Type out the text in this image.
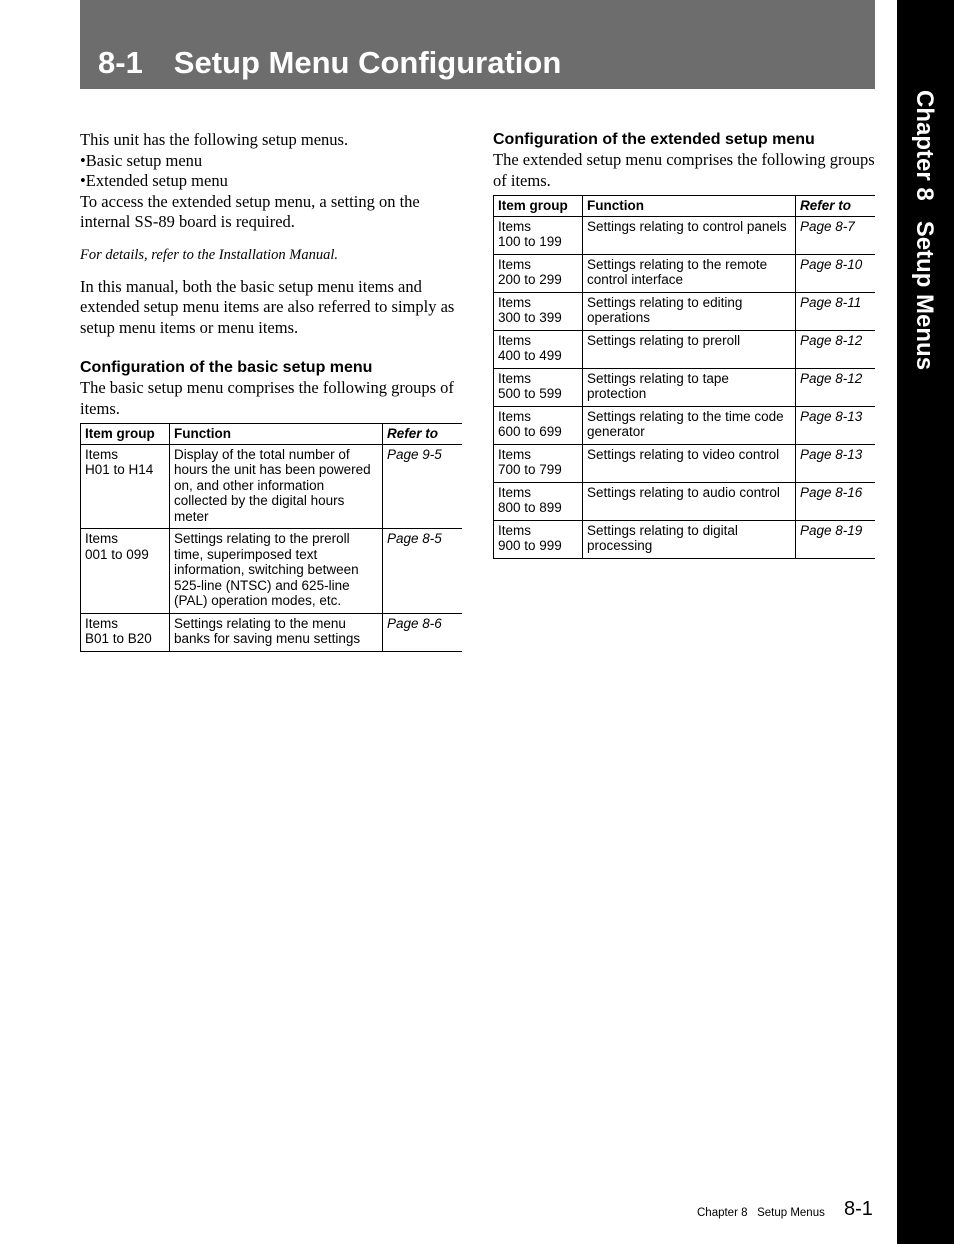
8-1 Setup Menu Configuration
Chapter 8   Setup Menus

This unit has the following setup menus.

•Basic setup menu
•Extended setup menu

To access the extended setup menu, a setting on the internal SS-89 board is required.

For details, refer to the Installation Manual.

In this manual, both the basic setup menu items and extended setup menu items are also referred to simply as setup menu items or menu items.

Configuration of the basic setup menu

The basic setup menu comprises the following groups of items.

Item group	Function	Refer to
Items
H01 to H14	Display of the total number of hours the unit has been powered on, and other information collected by the digital hours meter	Page 9-5
Items
001 to 099	Settings relating to the preroll time, superimposed text information, switching between 525-line (NTSC) and 625-line (PAL) operation modes, etc.	Page 8-5
Items
B01 to B20	Settings relating to the menu banks for saving menu settings	Page 8-6
Configuration of the extended setup menu

The extended setup menu comprises the following groups of items.

Item group	Function	Refer to
Items
100 to 199	Settings relating to control panels	Page 8-7
Items
200 to 299	Settings relating to the remote control interface	Page 8-10
Items
300 to 399	Settings relating to editing operations	Page 8-11
Items
400 to 499	Settings relating to preroll	Page 8-12
Items
500 to 599	Settings relating to tape protection	Page 8-12
Items
600 to 699	Settings relating to the time code generator	Page 8-13
Items
700 to 799	Settings relating to video control	Page 8-13
Items
800 to 899	Settings relating to audio control	Page 8-16
Items
900 to 999	Settings relating to digital processing	Page 8-19
Chapter 8   Setup Menus 8-1
